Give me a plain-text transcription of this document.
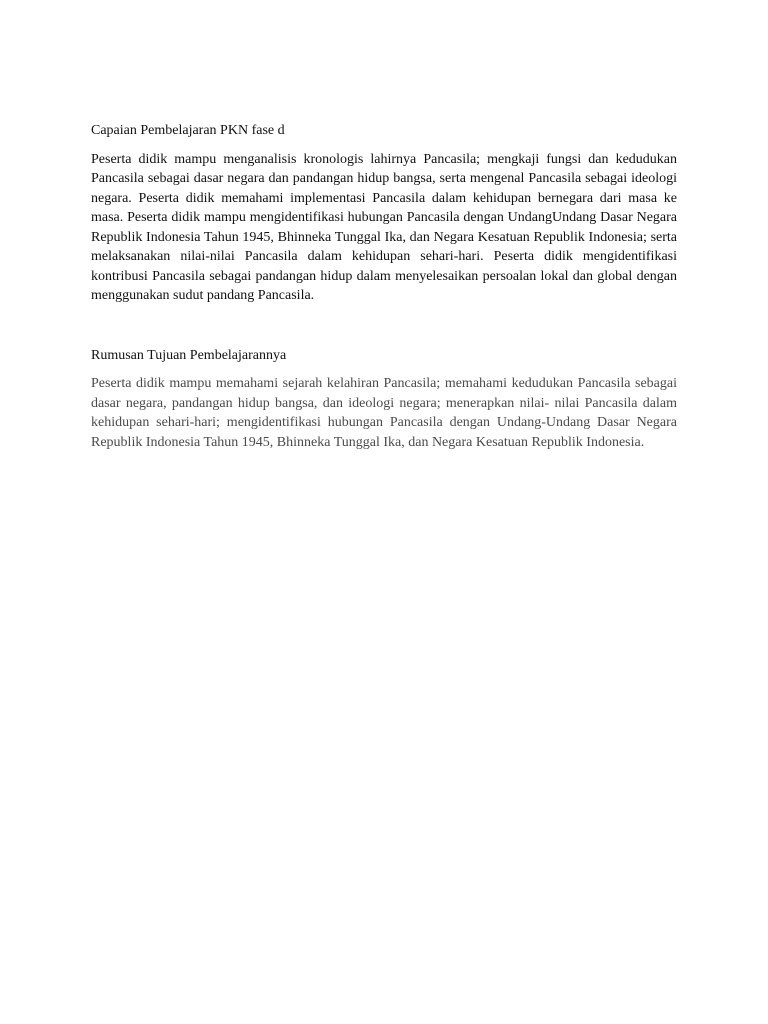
Capaian Pembelajaran PKN fase d

Peserta didik mampu menganalisis kronologis lahirnya Pancasila; mengkaji fungsi dan kedudukan Pancasila sebagai dasar negara dan pandangan hidup bangsa, serta mengenal Pancasila sebagai ideologi negara. Peserta didik memahami implementasi Pancasila dalam kehidupan bernegara dari masa ke masa. Peserta didik mampu mengidentifikasi hubungan Pancasila dengan UndangUndang Dasar Negara Republik Indonesia Tahun 1945, Bhinneka Tunggal Ika, dan Negara Kesatuan Republik Indonesia; serta melaksanakan nilai-nilai Pancasila dalam kehidupan sehari-hari. Peserta didik mengidentifikasi kontribusi Pancasila sebagai pandangan hidup dalam menyelesaikan persoalan lokal dan global dengan menggunakan sudut pandang Pancasila.

Rumusan Tujuan Pembelajarannya

Peserta didik mampu memahami sejarah kelahiran Pancasila; memahami kedudukan Pancasila sebagai dasar negara, pandangan hidup bangsa, dan ideologi negara; menerapkan nilai- nilai Pancasila dalam kehidupan sehari-hari; mengidentifikasi hubungan Pancasila dengan Undang-Undang Dasar Negara Republik Indonesia Tahun 1945, Bhinneka Tunggal Ika, dan Negara Kesatuan Republik Indonesia.
